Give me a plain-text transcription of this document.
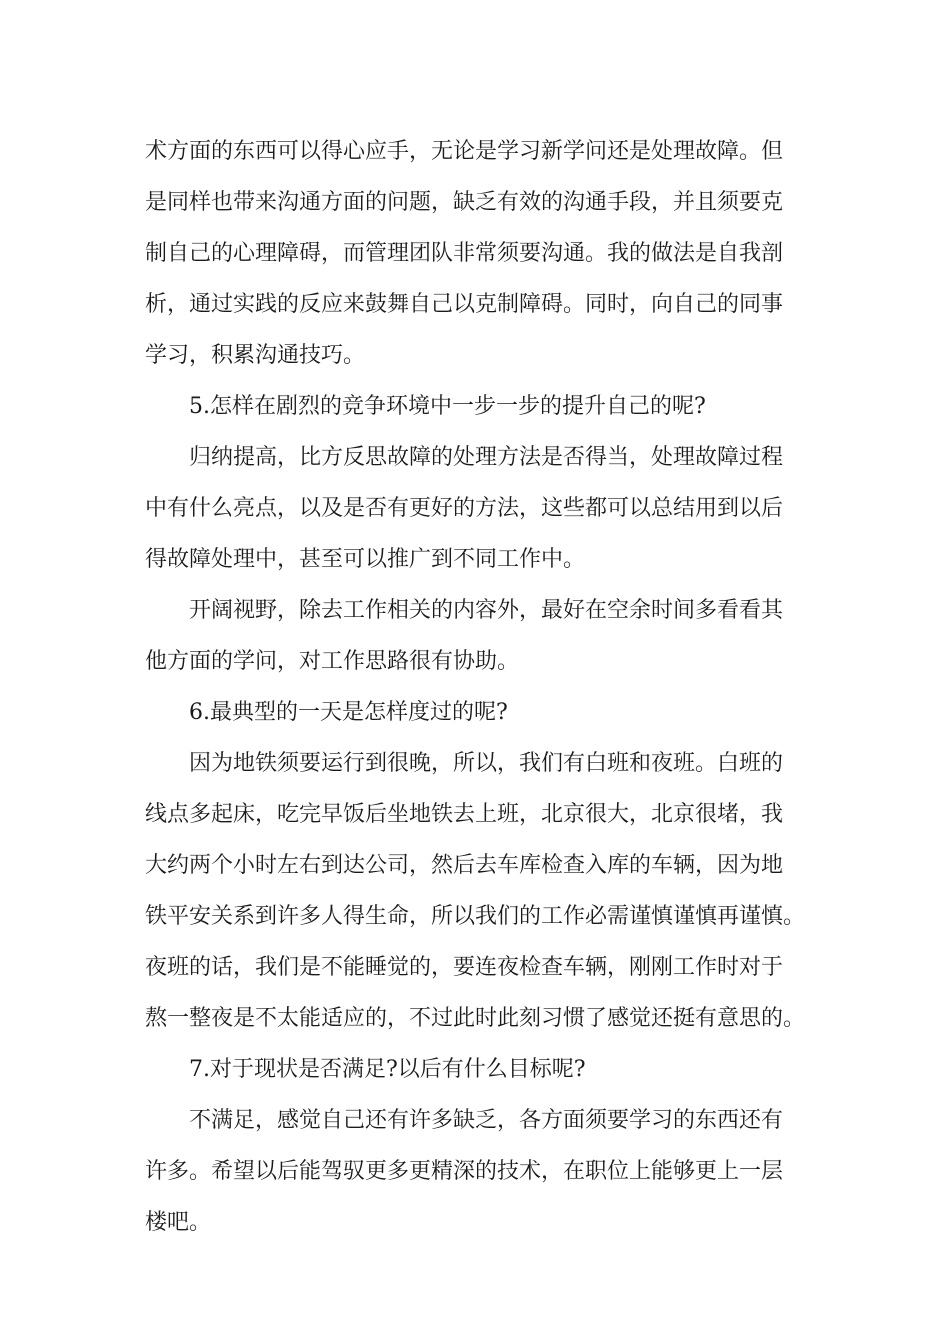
术方面的东西可以得心应手，无论是学习新学问还是处理故障。但
是同样也带来沟通方面的问题，缺乏有效的沟通手段，并且须要克
制自己的心理障碍，而管理团队非常须要沟通。我的做法是自我剖
析，通过实践的反应来鼓舞自己以克制障碍。同时，向自己的同事
学习，积累沟通技巧。

5.怎样在剧烈的竞争环境中一步一步的提升自己的呢?

归纳提高，比方反思故障的处理方法是否得当，处理故障过程
中有什么亮点，以及是否有更好的方法，这些都可以总结用到以后
得故障处理中，甚至可以推广到不同工作中。

开阔视野，除去工作相关的内容外，最好在空余时间多看看其
他方面的学问，对工作思路很有协助。

6.最典型的一天是怎样度过的呢?

因为地铁须要运行到很晚，所以，我们有白班和夜班。白班的
线点多起床，吃完早饭后坐地铁去上班，北京很大，北京很堵，我
大约两个小时左右到达公司，然后去车库检查入库的车辆，因为地
铁平安关系到许多人得生命，所以我们的工作必需谨慎谨慎再谨慎。
夜班的话，我们是不能睡觉的，要连夜检查车辆，刚刚工作时对于
熬一整夜是不太能适应的，不过此时此刻习惯了感觉还挺有意思的。

7.对于现状是否满足?以后有什么目标呢?

不满足，感觉自己还有许多缺乏，各方面须要学习的东西还有
许多。希望以后能驾驭更多更精深的技术，在职位上能够更上一层
楼吧。
